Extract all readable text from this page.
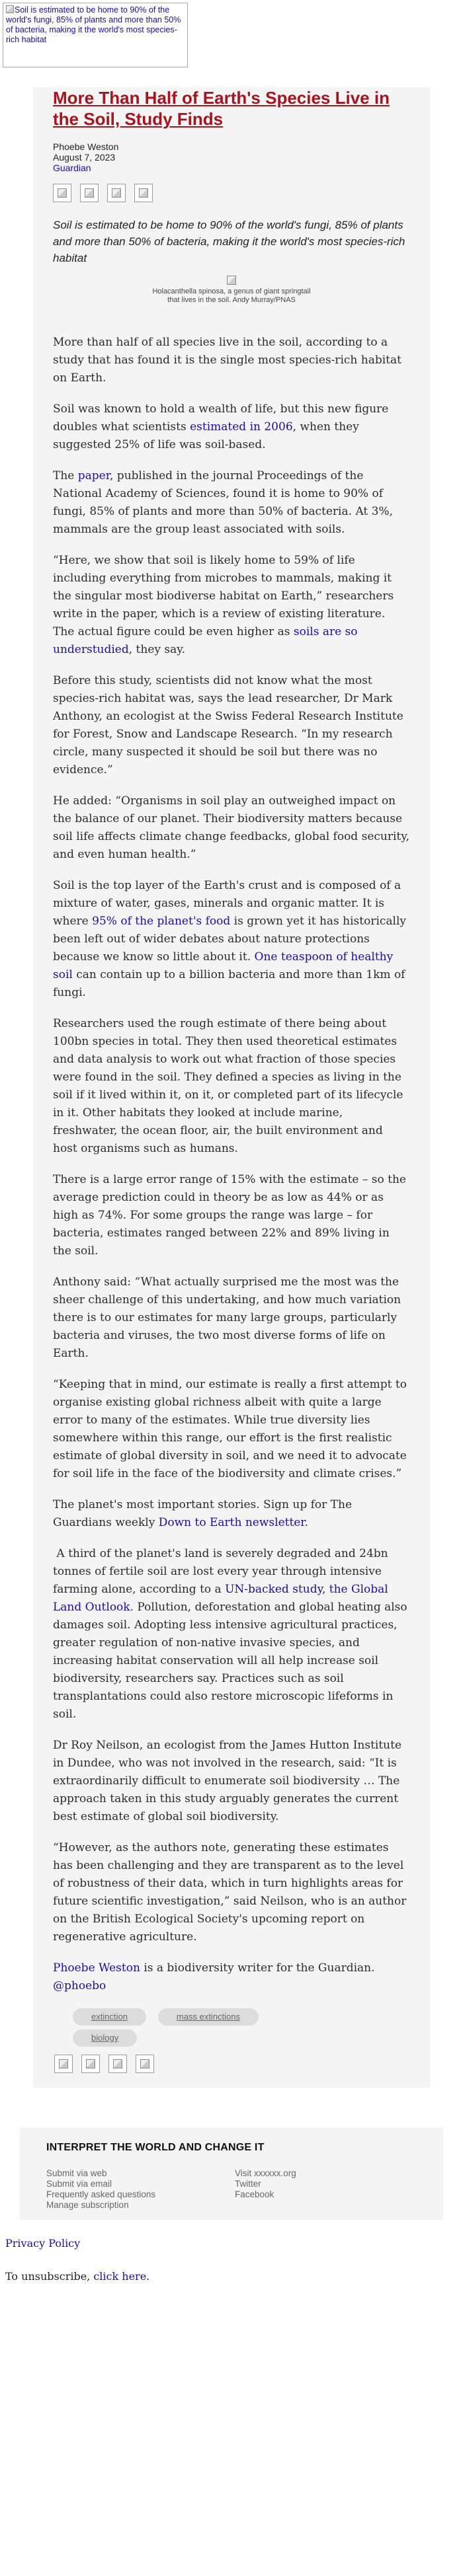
Soil is estimated to be home to 90% of the world's fungi, 85% of plants and more than 50% of bacteria, making it the world's most species-rich habitat
More Than Half of Earth's Species Live in the Soil, Study Finds
Phoebe Weston
August 7, 2023
Guardian

Soil is estimated to be home to 90% of the world's fungi, 85% of plants and more than 50% of bacteria, making it the world's most species-rich habitat

Holacanthella spinosa, a genus of giant springtail that lives in the soil. Andy Murray/PNAS

More than half of all species live in the soil, according to a study that has found it is the single most species-rich habitat on Earth.

Soil was known to hold a wealth of life, but this new figure doubles what scientists estimated in 2006, when they suggested 25% of life was soil-based.

The paper, published in the journal Proceedings of the National Academy of Sciences, found it is home to 90% of fungi, 85% of plants and more than 50% of bacteria. At 3%, mammals are the group least associated with soils.

“Here, we show that soil is likely home to 59% of life including everything from microbes to mammals, making it the singular most biodiverse habitat on Earth,” researchers write in the paper, which is a review of existing literature. The actual figure could be even higher as soils are so understudied, they say.

Before this study, scientists did not know what the most species-rich habitat was, says the lead researcher, Dr Mark Anthony, an ecologist at the Swiss Federal Research Institute for Forest, Snow and Landscape Research. “In my research circle, many suspected it should be soil but there was no evidence.”

He added: “Organisms in soil play an outweighed impact on the balance of our planet. Their biodiversity matters because soil life affects climate change feedbacks, global food security, and even human health.”

Soil is the top layer of the Earth's crust and is composed of a mixture of water, gases, minerals and organic matter. It is where 95% of the planet's food is grown yet it has historically been left out of wider debates about nature protections because we know so little about it. One teaspoon of healthy soil can contain up to a billion bacteria and more than 1km of fungi.

Researchers used the rough estimate of there being about 100bn species in total. They then used theoretical estimates and data analysis to work out what fraction of those species were found in the soil. They defined a species as living in the soil if it lived within it, on it, or completed part of its lifecycle in it. Other habitats they looked at include marine, freshwater, the ocean floor, air, the built environment and host organisms such as humans.

There is a large error range of 15% with the estimate – so the average prediction could in theory be as low as 44% or as high as 74%. For some groups the range was large – for bacteria, estimates ranged between 22% and 89% living in the soil.

Anthony said: “What actually surprised me the most was the sheer challenge of this undertaking, and how much variation there is to our estimates for many large groups, particularly bacteria and viruses, the two most diverse forms of life on Earth.

“Keeping that in mind, our estimate is really a first attempt to organise existing global richness albeit with quite a large error to many of the estimates. While true diversity lies somewhere within this range, our effort is the first realistic estimate of global diversity in soil, and we need it to advocate for soil life in the face of the biodiversity and climate crises.”

The planet's most important stories. Sign up for The Guardians weekly Down to Earth newsletter.

A third of the planet's land is severely degraded and 24bn tonnes of fertile soil are lost every year through intensive farming alone, according to a UN-backed study, the Global Land Outlook. Pollution, deforestation and global heating also damages soil. Adopting less intensive agricultural practices, greater regulation of non-native invasive species, and increasing habitat conservation will all help increase soil biodiversity, researchers say. Practices such as soil transplantations could also restore microscopic lifeforms in soil.

Dr Roy Neilson, an ecologist from the James Hutton Institute in Dundee, who was not involved in the research, said: “It is extraordinarily difficult to enumerate soil biodiversity … The approach taken in this study arguably generates the current best estimate of global soil biodiversity.

“However, as the authors note, generating these estimates has been challenging and they are transparent as to the level of robustness of their data, which in turn highlights areas for future scientific investigation,” said Neilson, who is an author on the British Ecological Society's upcoming report on regenerative agriculture.

Phoebe Weston is a biodiversity writer for the Guardian. @phoebo

extinction	mass extinctions
biology

INTERPRET THE WORLD AND CHANGE IT
Submit via web
Submit via email
Frequently asked questions
Manage subscription
Visit xxxxxx.org
Twitter
Facebook
Privacy Policy
To unsubscribe, click here.
